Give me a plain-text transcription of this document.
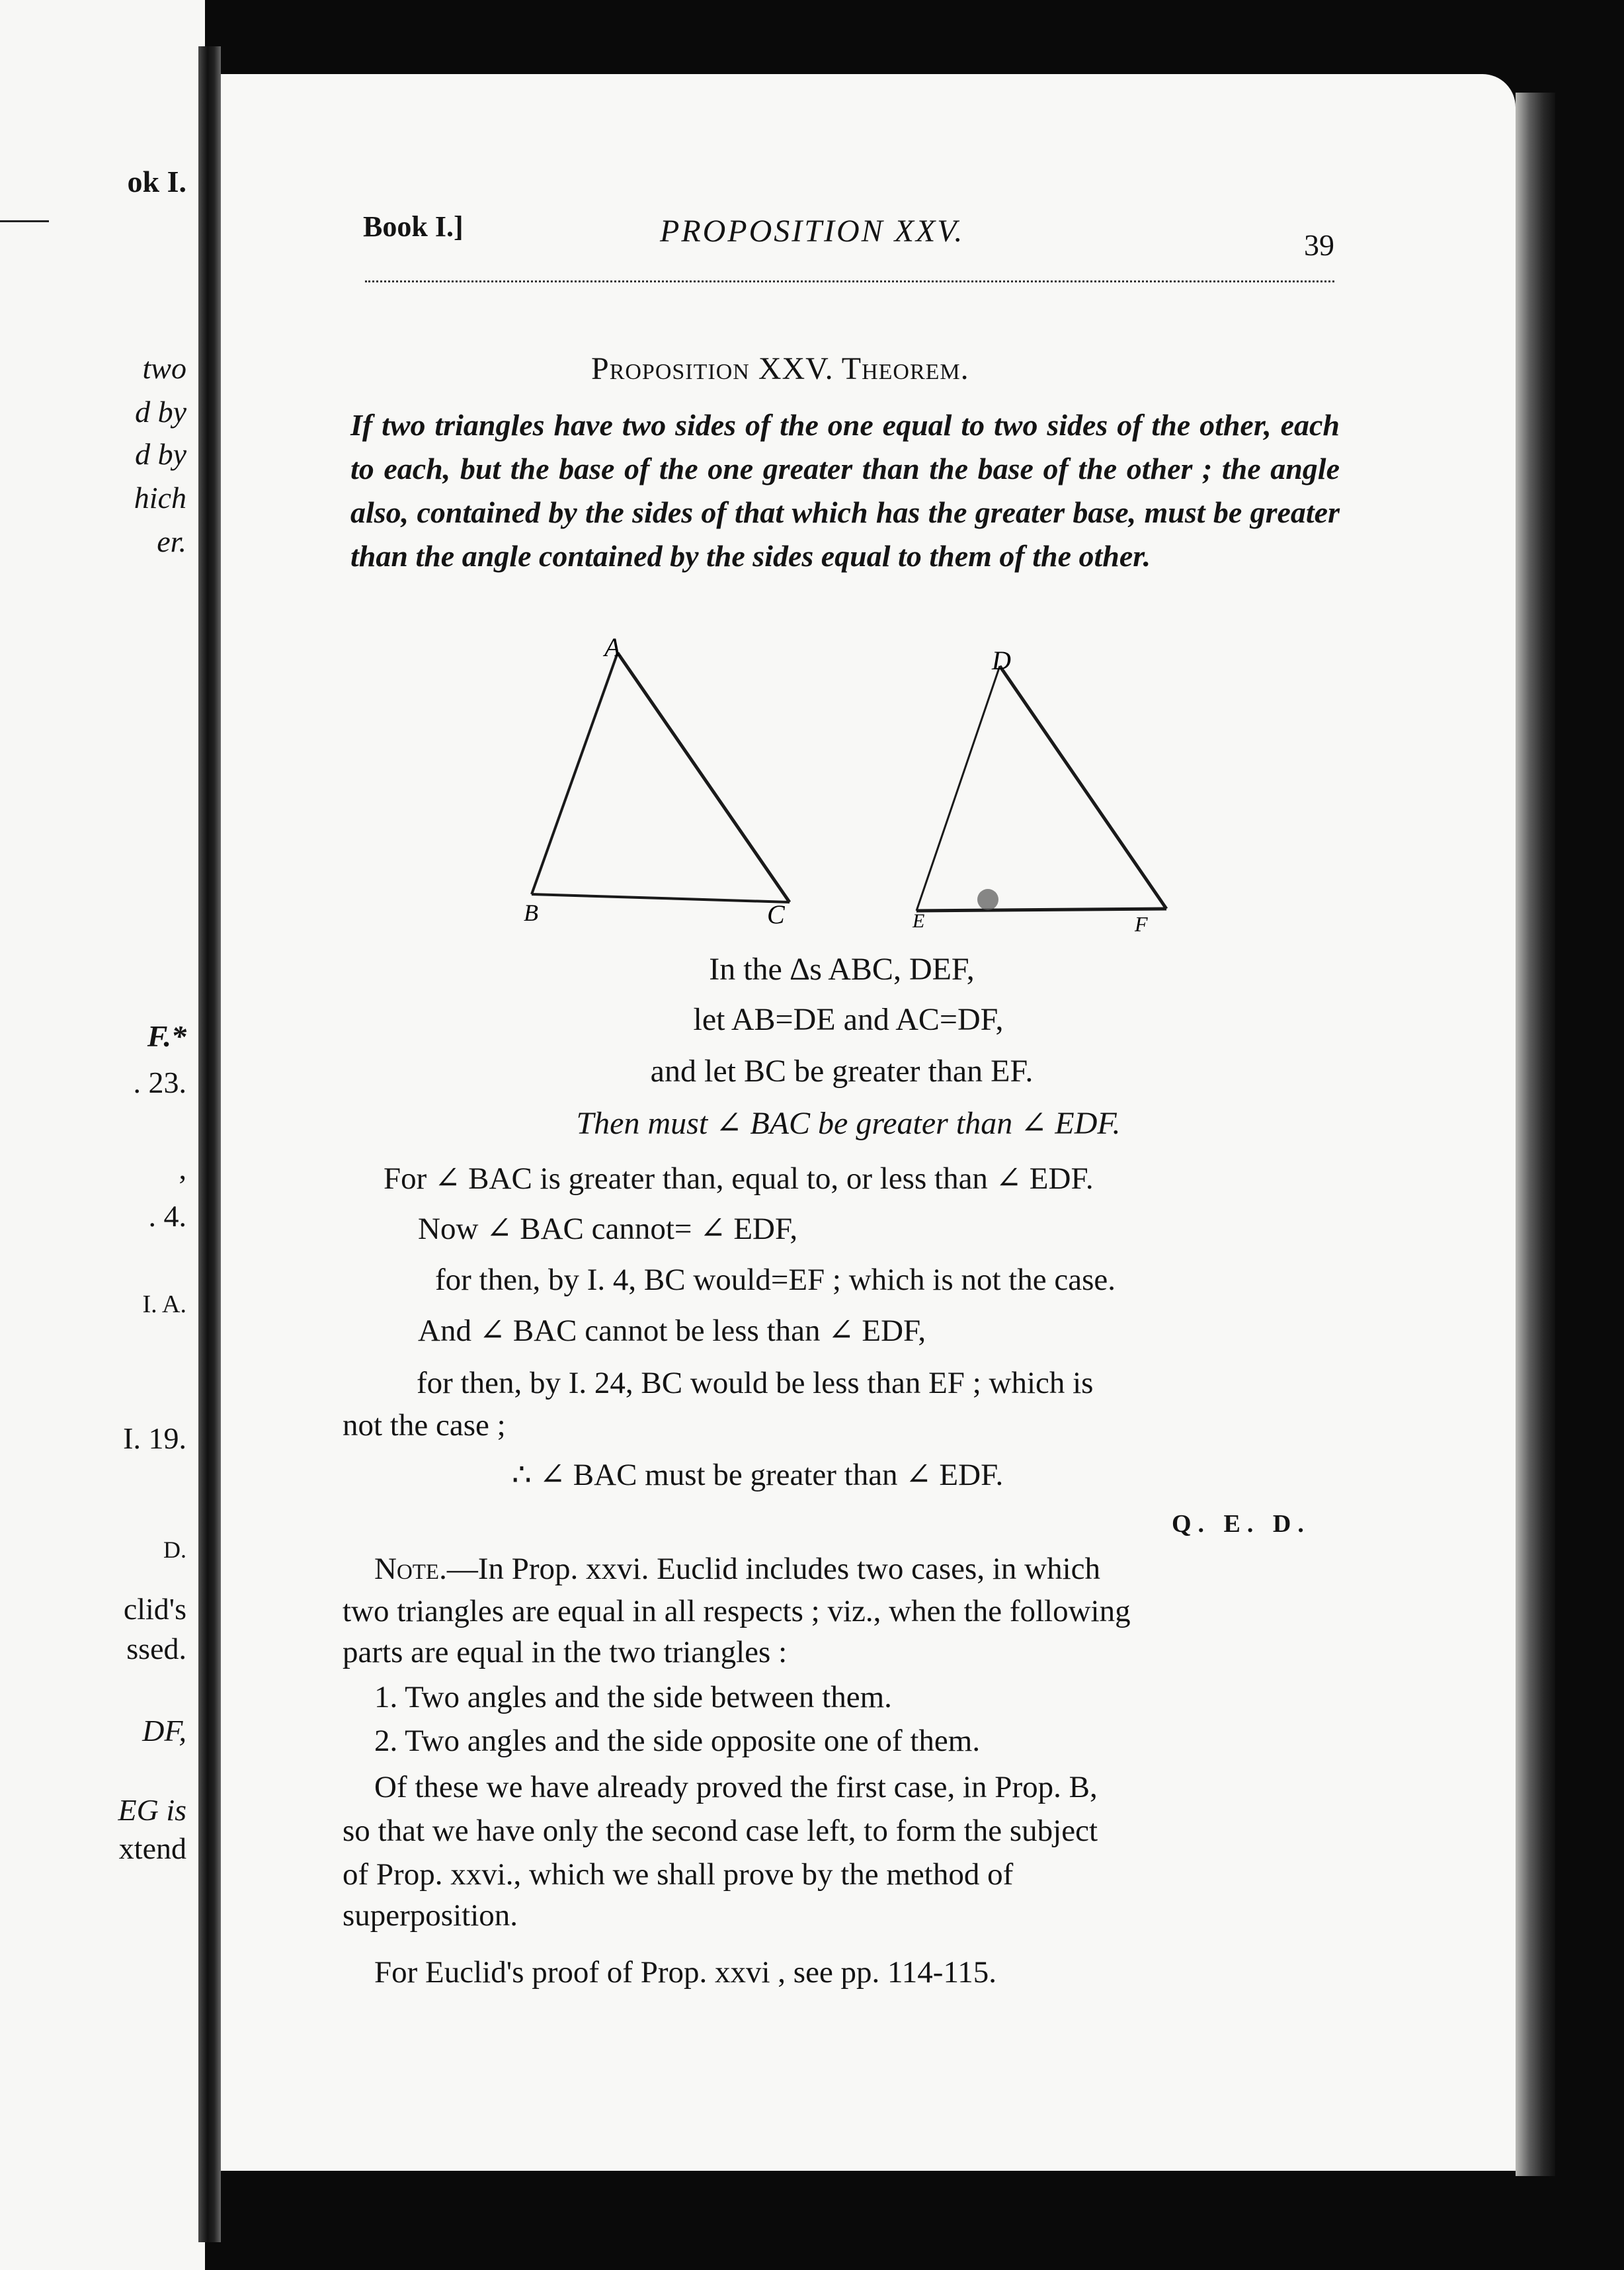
ok I.
two
d by
d by
hich
er.
F.*
. 23.
,
. 4.
I. A.
I. 19.
D.
clid's
ssed.
DF,
EG is
xtend
Book I.]	PROPOSITION XXV.	39
Proposition XXV. Theorem.
If two triangles have two sides of the one equal to two sides of the other, each to each, but the base of the one greater than the base of the other ; the angle also, contained by the sides of that which has the greater base, must be greater than the angle contained by the sides equal to them of the other.
A
B	C
D
E	F
In the ∆s ABC, DEF,
let AB=DE and AC=DF,
and let BC be greater than EF.
Then must ∠ BAC be greater than ∠ EDF.
For ∠ BAC is greater than, equal to, or less than ∠ EDF.
Now ∠ BAC cannot= ∠ EDF,
for then, by I. 4, BC would=EF ; which is not the case.
And ∠ BAC cannot be less than ∠ EDF,
for then, by I. 24, BC would be less than EF ; which is
not the case ;
∴ ∠ BAC must be greater than ∠ EDF.
Q. E. D.
Note.—In Prop. xxvi. Euclid includes two cases, in which
two triangles are equal in all respects ; viz., when the following
parts are equal in the two triangles :
1. Two angles and the side between them.
2. Two angles and the side opposite one of them.
Of these we have already proved the first case, in Prop. B,
so that we have only the second case left, to form the subject
of Prop. xxvi., which we shall prove by the method of
superposition.
For Euclid's proof of Prop. xxvi , see pp. 114-115.
